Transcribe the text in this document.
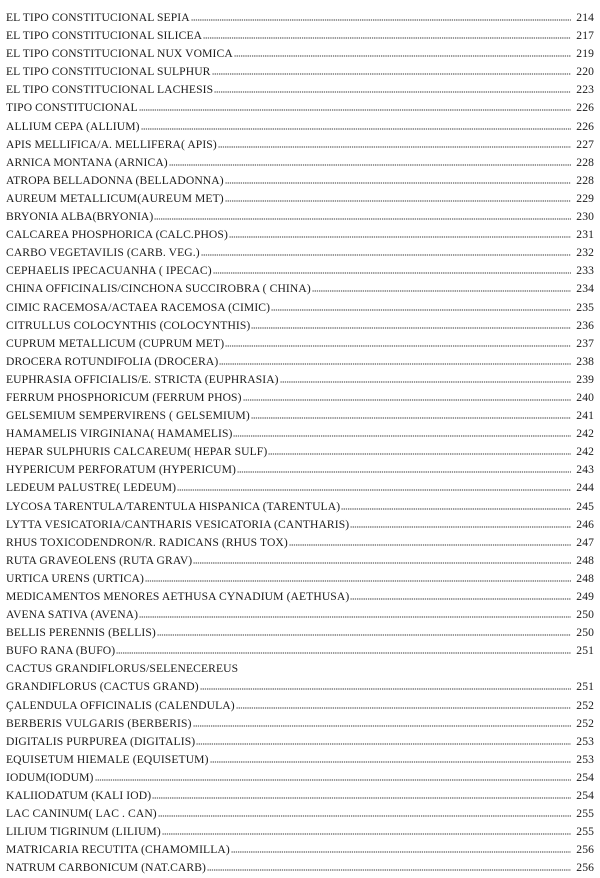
EL TIPO CONSTITUCIONAL SEPIA	214
EL TIPO CONSTITUCIONAL SILICEA	217
EL TIPO CONSTITUCIONAL NUX VOMICA	219
EL TIPO CONSTITUCIONAL SULPHUR	220
EL TIPO CONSTITUCIONAL LACHESIS	223
TIPO CONSTITUCIONAL	226
ALLIUM CEPA (ALLIUM)	226
APIS MELLIFICA/A. MELLIFERA( APIS)	227
ARNICA MONTANA (ARNICA)	228
ATROPA BELLADONNA (BELLADONNA)	228
AUREUM METALLICUM(AUREUM MET)	229
BRYONIA ALBA(BRYONIA)	230
CALCAREA PHOSPHORICA (CALC.PHOS)	231
CARBO VEGETAVILIS (CARB. VEG.)	232
CEPHAELIS IPECACUANHA ( IPECAC)	233
CHINA OFFICINALIS/CINCHONA SUCCIROBRA ( CHINA)	234
CIMIC RACEMOSA/ACTAEA RACEMOSA (CIMIC)	235
CITRULLUS COLOCYNTHIS (COLOCYNTHIS)	236
CUPRUM METALLICUM (CUPRUM MET)	237
DROCERA ROTUNDIFOLIA (DROCERA)	238
EUPHRASIA OFFICIALIS/E. STRICTA (EUPHRASIA)	239
FERRUM PHOSPHORICUM (FERRUM PHOS)	240
GELSEMIUM SEMPERVIRENS ( GELSEMIUM)	241
HAMAMELIS VIRGINIANA( HAMAMELIS)	242
HEPAR SULPHURIS CALCAREUM( HEPAR SULF)	242
HYPERICUM PERFORATUM (HYPERICUM)	243
LEDEUM PALUSTRE( LEDEUM)	244
LYCOSA TARENTULA/TARENTULA HISPANICA (TARENTULA)	245
LYTTA VESICATORIA/CANTHARIS VESICATORIA (CANTHARIS)	246
RHUS TOXICODENDRON/R. RADICANS (RHUS TOX)	247
RUTA GRAVEOLENS (RUTA GRAV)	248
URTICA URENS (URTICA)	248
MEDICAMENTOS MENORES AETHUSA CYNADIUM (AETHUSA)	249
AVENA SATIVA (AVENA)	250
BELLIS PERENNIS (BELLIS)	250
BUFO RANA (BUFO)	251
CACTUS GRANDIFLORUS/SELENECEREUS
GRANDIFLORUS (CACTUS GRAND)	251
ÇALENDULA OFFICINALIS (CALENDULA)	252
BERBERIS VULGARIS (BERBERIS)	252
DIGITALIS PURPUREA (DIGITALIS)	253
EQUISETUM HIEMALE (EQUISETUM)	253
IODUM(IODUM)	254
KALIIODATUM (KALI IOD)	254
LAC CANINUM( LAC . CAN)	255
LILIUM TIGRINUM (LILIUM)	255
MATRICARIA RECUTITA (CHAMOMILLA)	256
NATRUM CARBONICUM (NAT.CARB)	256
